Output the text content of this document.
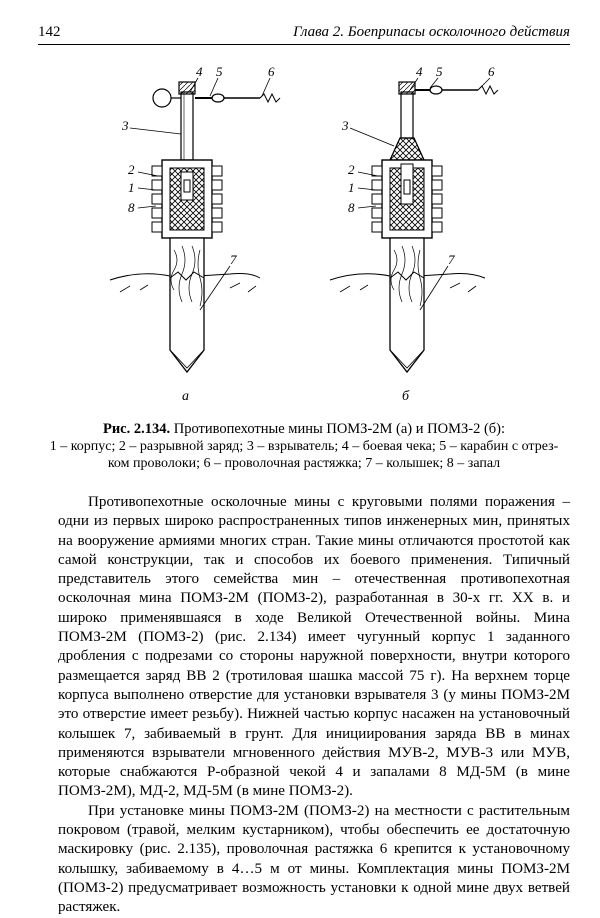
142	Глава 2. Боеприпасы осколочного действия
4 5	6
3
2
1
8
7
а
4 5	6
3
2
1
8
7
б
Рис. 2.134. Противопехотные мины ПОМЗ-2М (а) и ПОМЗ-2 (б):
1 – корпус; 2 – разрывной заряд; 3 – взрыватель; 4 – боевая чека; 5 – карабин с отрез-
ком проволоки; 6 – проволочная растяжка; 7 – колышек; 8 – запал

Противопехотные осколочные мины с круговыми полями поражения – одни из первых широко распространенных типов инженерных мин, принятых на вооружение армиями многих стран. Такие мины отличаются простотой как самой конструкции, так и способов их боевого применения. Типичный представитель этого семейства мин – отечественная противопехотная осколочная мина ПОМЗ-2М (ПОМЗ-2), разработанная в 30-х гг. XX в. и широко применявшаяся в ходе Великой Отечественной войны. Мина ПОМЗ-2М (ПОМЗ-2) (рис. 2.134) имеет чугунный корпус 1 заданного дробления с подрезами со стороны наружной поверхности, внутри которого размещается заряд ВВ 2 (тротиловая шашка массой 75 г). На верхнем торце корпуса выполнено отверстие для установки взрывателя 3 (у мины ПОМЗ-2М это отверстие имеет резьбу). Нижней частью корпус насажен на установочный колышек 7, забиваемый в грунт. Для инициирования заряда ВВ в минах применяются взрыватели мгновенного действия МУВ-2, МУВ-3 или МУВ, которые снабжаются Р-образной чекой 4 и запалами 8 МД-5М (в мине ПОМЗ-2М), МД-2, МД-5М (в мине ПОМЗ-2).

При установке мины ПОМЗ-2М (ПОМЗ-2) на местности с растительным покровом (травой, мелким кустарником), чтобы обеспечить ее достаточную маскировку (рис. 2.135), проволочная растяжка 6 крепится к установочному колышку, забиваемому в 4…5 м от мины. Комплектация мины ПОМЗ-2М (ПОМЗ-2) предусматривает возможность установки к одной мине двух ветвей растяжек.
